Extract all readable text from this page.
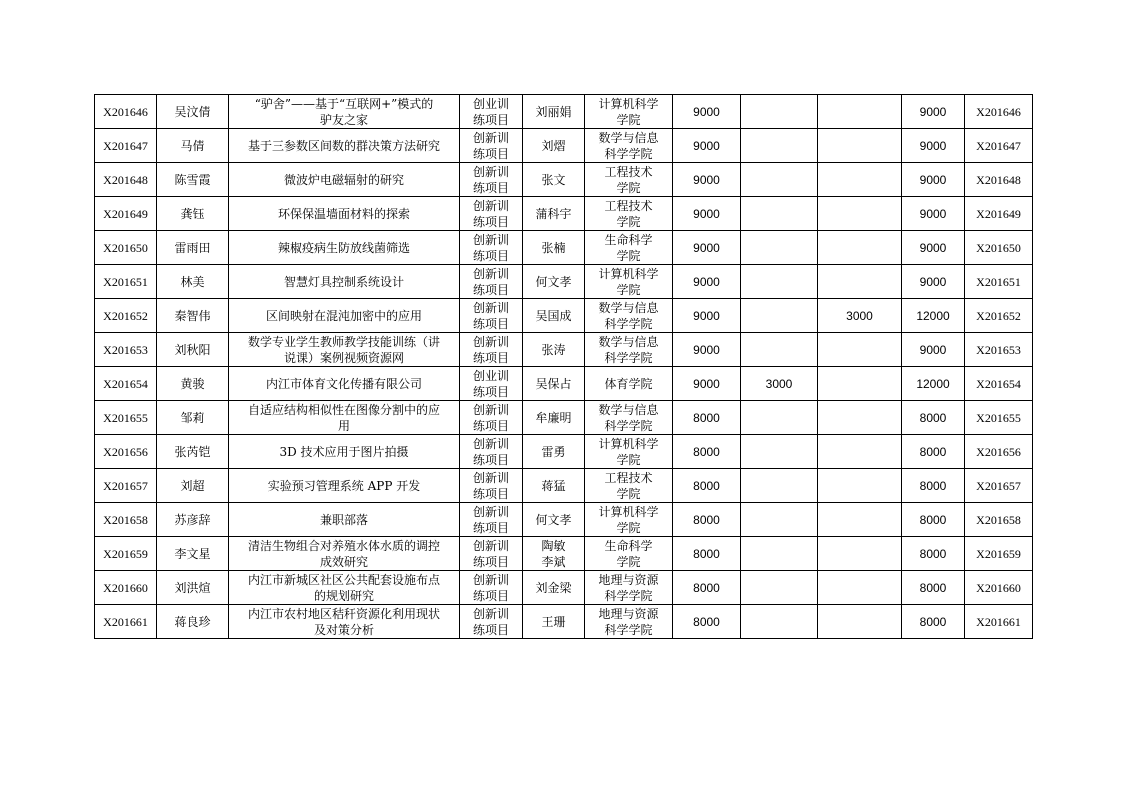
X201646	吴汶倩	“驴舍”——基于“互联网+”模式的
驴友之家	创业训
练项目	刘丽娟	计算机科学
学院	9000			9000	X201646
X201647	马倩	基于三参数区间数的群决策方法研究	创新训
练项目	刘熠	数学与信息
科学学院	9000			9000	X201647
X201648	陈雪霞	微波炉电磁辐射的研究	创新训
练项目	张文	工程技术
学院	9000			9000	X201648
X201649	龚钰	环保保温墙面材料的探索	创新训
练项目	蒲科宇	工程技术
学院	9000			9000	X201649
X201650	雷雨田	辣椒疫病生防放线菌筛选	创新训
练项目	张楠	生命科学
学院	9000			9000	X201650
X201651	林美	智慧灯具控制系统设计	创新训
练项目	何文孝	计算机科学
学院	9000			9000	X201651
X201652	秦智伟	区间映射在混沌加密中的应用	创新训
练项目	吴国成	数学与信息
科学学院	9000		3000	12000	X201652
X201653	刘秋阳	数学专业学生教师教学技能训练（讲
说课）案例视频资源网	创新训
练项目	张涛	数学与信息
科学学院	9000			9000	X201653
X201654	黄骏	内江市体育文化传播有限公司	创业训
练项目	吴保占	体育学院	9000	3000		12000	X201654
X201655	邹莉	自适应结构相似性在图像分割中的应
用	创新训
练项目	牟廉明	数学与信息
科学学院	8000			8000	X201655
X201656	张芮铠	3D 技术应用于图片拍摄	创新训
练项目	雷勇	计算机科学
学院	8000			8000	X201656
X201657	刘超	实验预习管理系统 APP 开发	创新训
练项目	蒋猛	工程技术
学院	8000			8000	X201657
X201658	苏彦辞	兼职部落	创新训
练项目	何文孝	计算机科学
学院	8000			8000	X201658
X201659	李文星	清洁生物组合对养殖水体水质的调控
成效研究	创新训
练项目	陶敏
李斌	生命科学
学院	8000			8000	X201659
X201660	刘洪煊	内江市新城区社区公共配套设施布点
的规划研究	创新训
练项目	刘金梁	地理与资源
科学学院	8000			8000	X201660
X201661	蒋良珍	内江市农村地区秸秆资源化利用现状
及对策分析	创新训
练项目	王珊	地理与资源
科学学院	8000			8000	X201661
